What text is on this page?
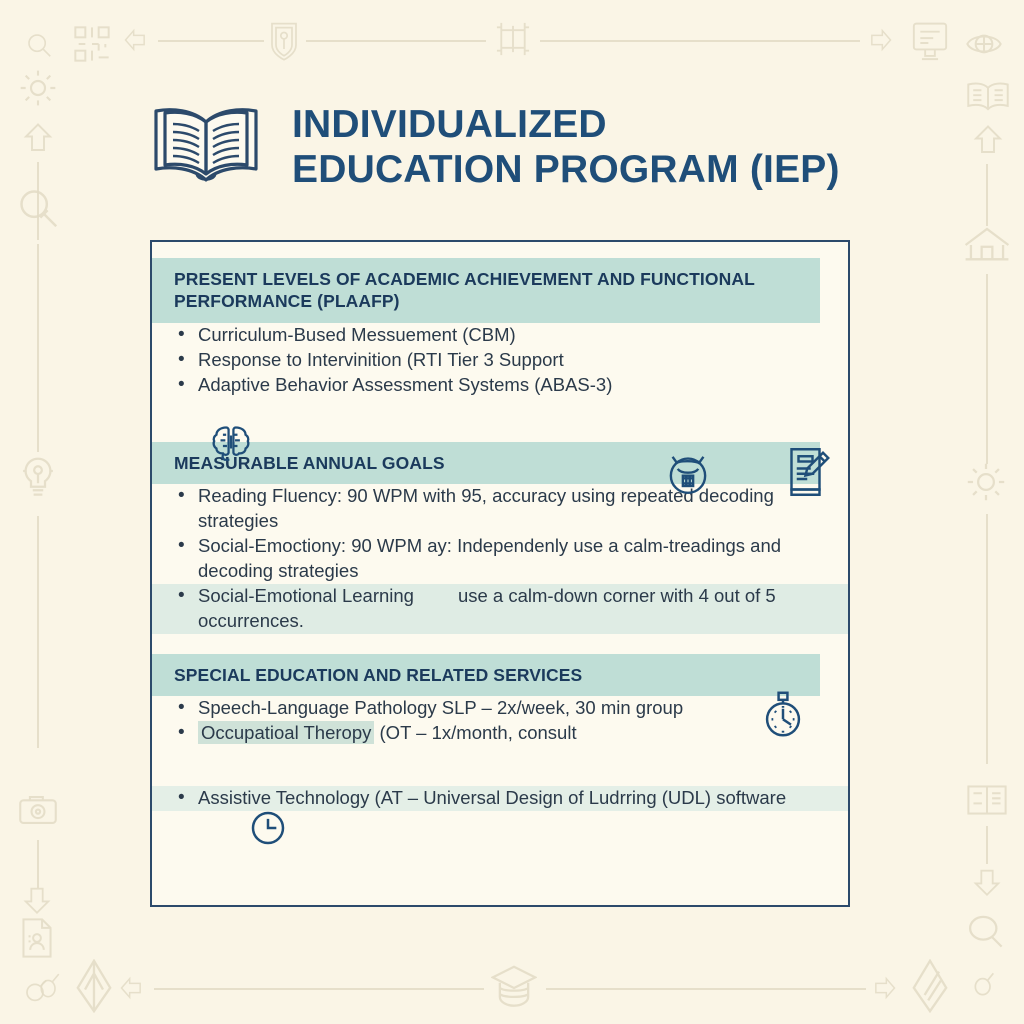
INDIVIDUALIZED
EDUCATION PROGRAM (IEP)
PRESENT LEVELS OF ACADEMIC ACHIEVEMENT AND FUNCTIONAL PERFORMANCE (PLAAFP)
• Curriculum-Bused Messuement (CBM)
• Response to Intervinition (RTI Tier 3 Support
• Adaptive Behavior Assessment Systems (ABAS-3)
MEASURABLE ANNUAL GOALS
• Reading Fluency: 90 WPM with 95, accuracy using repeated decoding strategies
• Social-Emoctiony: 90 WPM ay: Independenly use a calm-treadings and decoding strategies
• Social-Emotional Learning use a calm-down corner with 4 out of 5 occurrences.
SPECIAL EDUCATION AND RELATED SERVICES
• Speech-Language Pathology SLP – 2x/week, 30 min group
• Occupatioal Theropy (OT – 1x/month, consult
• Assistive Technology (AT – Universal Design of Ludrring (UDL) software
